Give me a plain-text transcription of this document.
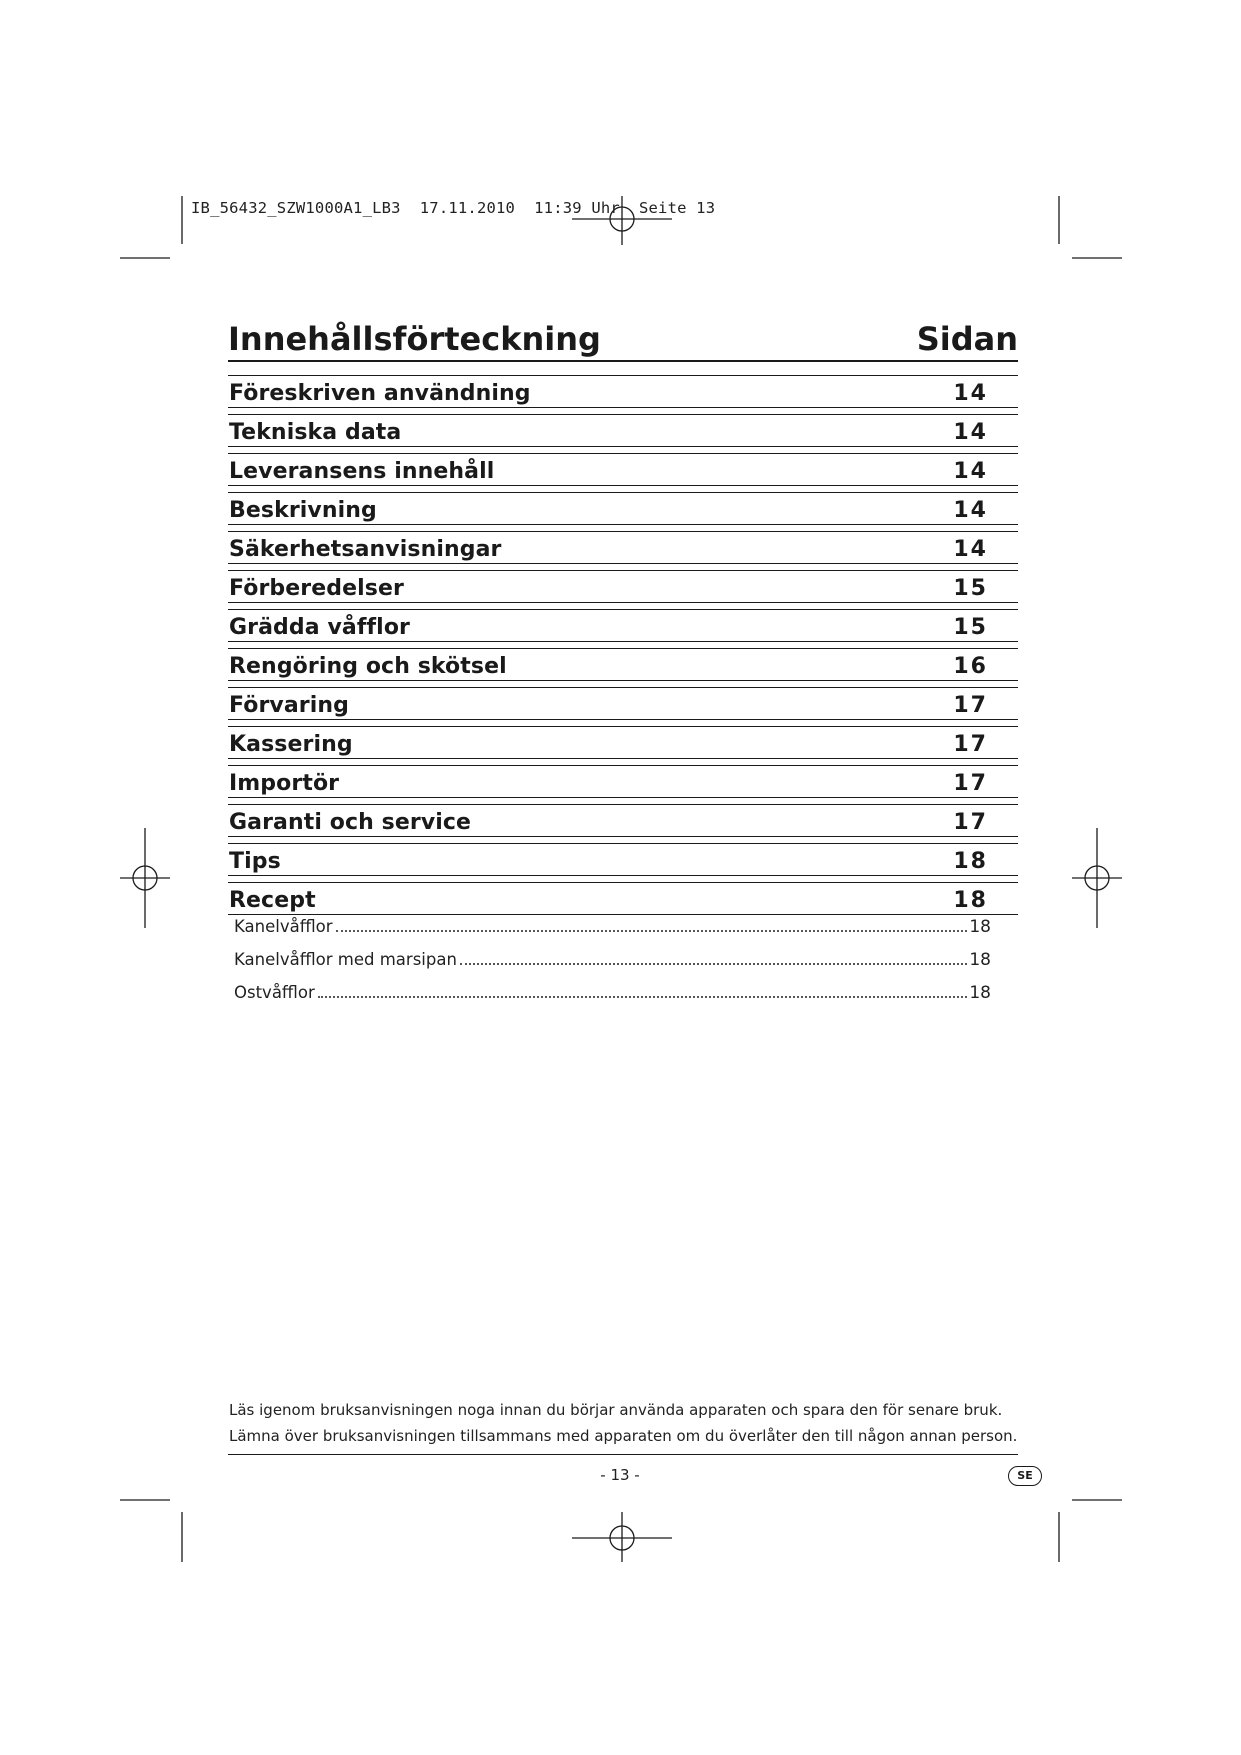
IB_56432_SZW1000A1_LB3  17.11.2010  11:39 Uhr  Seite 13
Innehållsförteckning	Sidan
Föreskriven användning	14
Tekniska data	14
Leveransens innehåll	14
Beskrivning	14
Säkerhetsanvisningar	14
Förberedelser	15
Grädda våfflor	15
Rengöring och skötsel	16
Förvaring	17
Kassering	17
Importör	17
Garanti och service	17
Tips	18
Recept	18
Kanelvåfflor	18
Kanelvåfflor med marsipan	18
Ostvåfflor	18
Läs igenom bruksanvisningen noga innan du börjar använda apparaten och spara den för senare bruk.
Lämna över bruksanvisningen tillsammans med apparaten om du överlåter den till någon annan person.
- 13 -	SE
